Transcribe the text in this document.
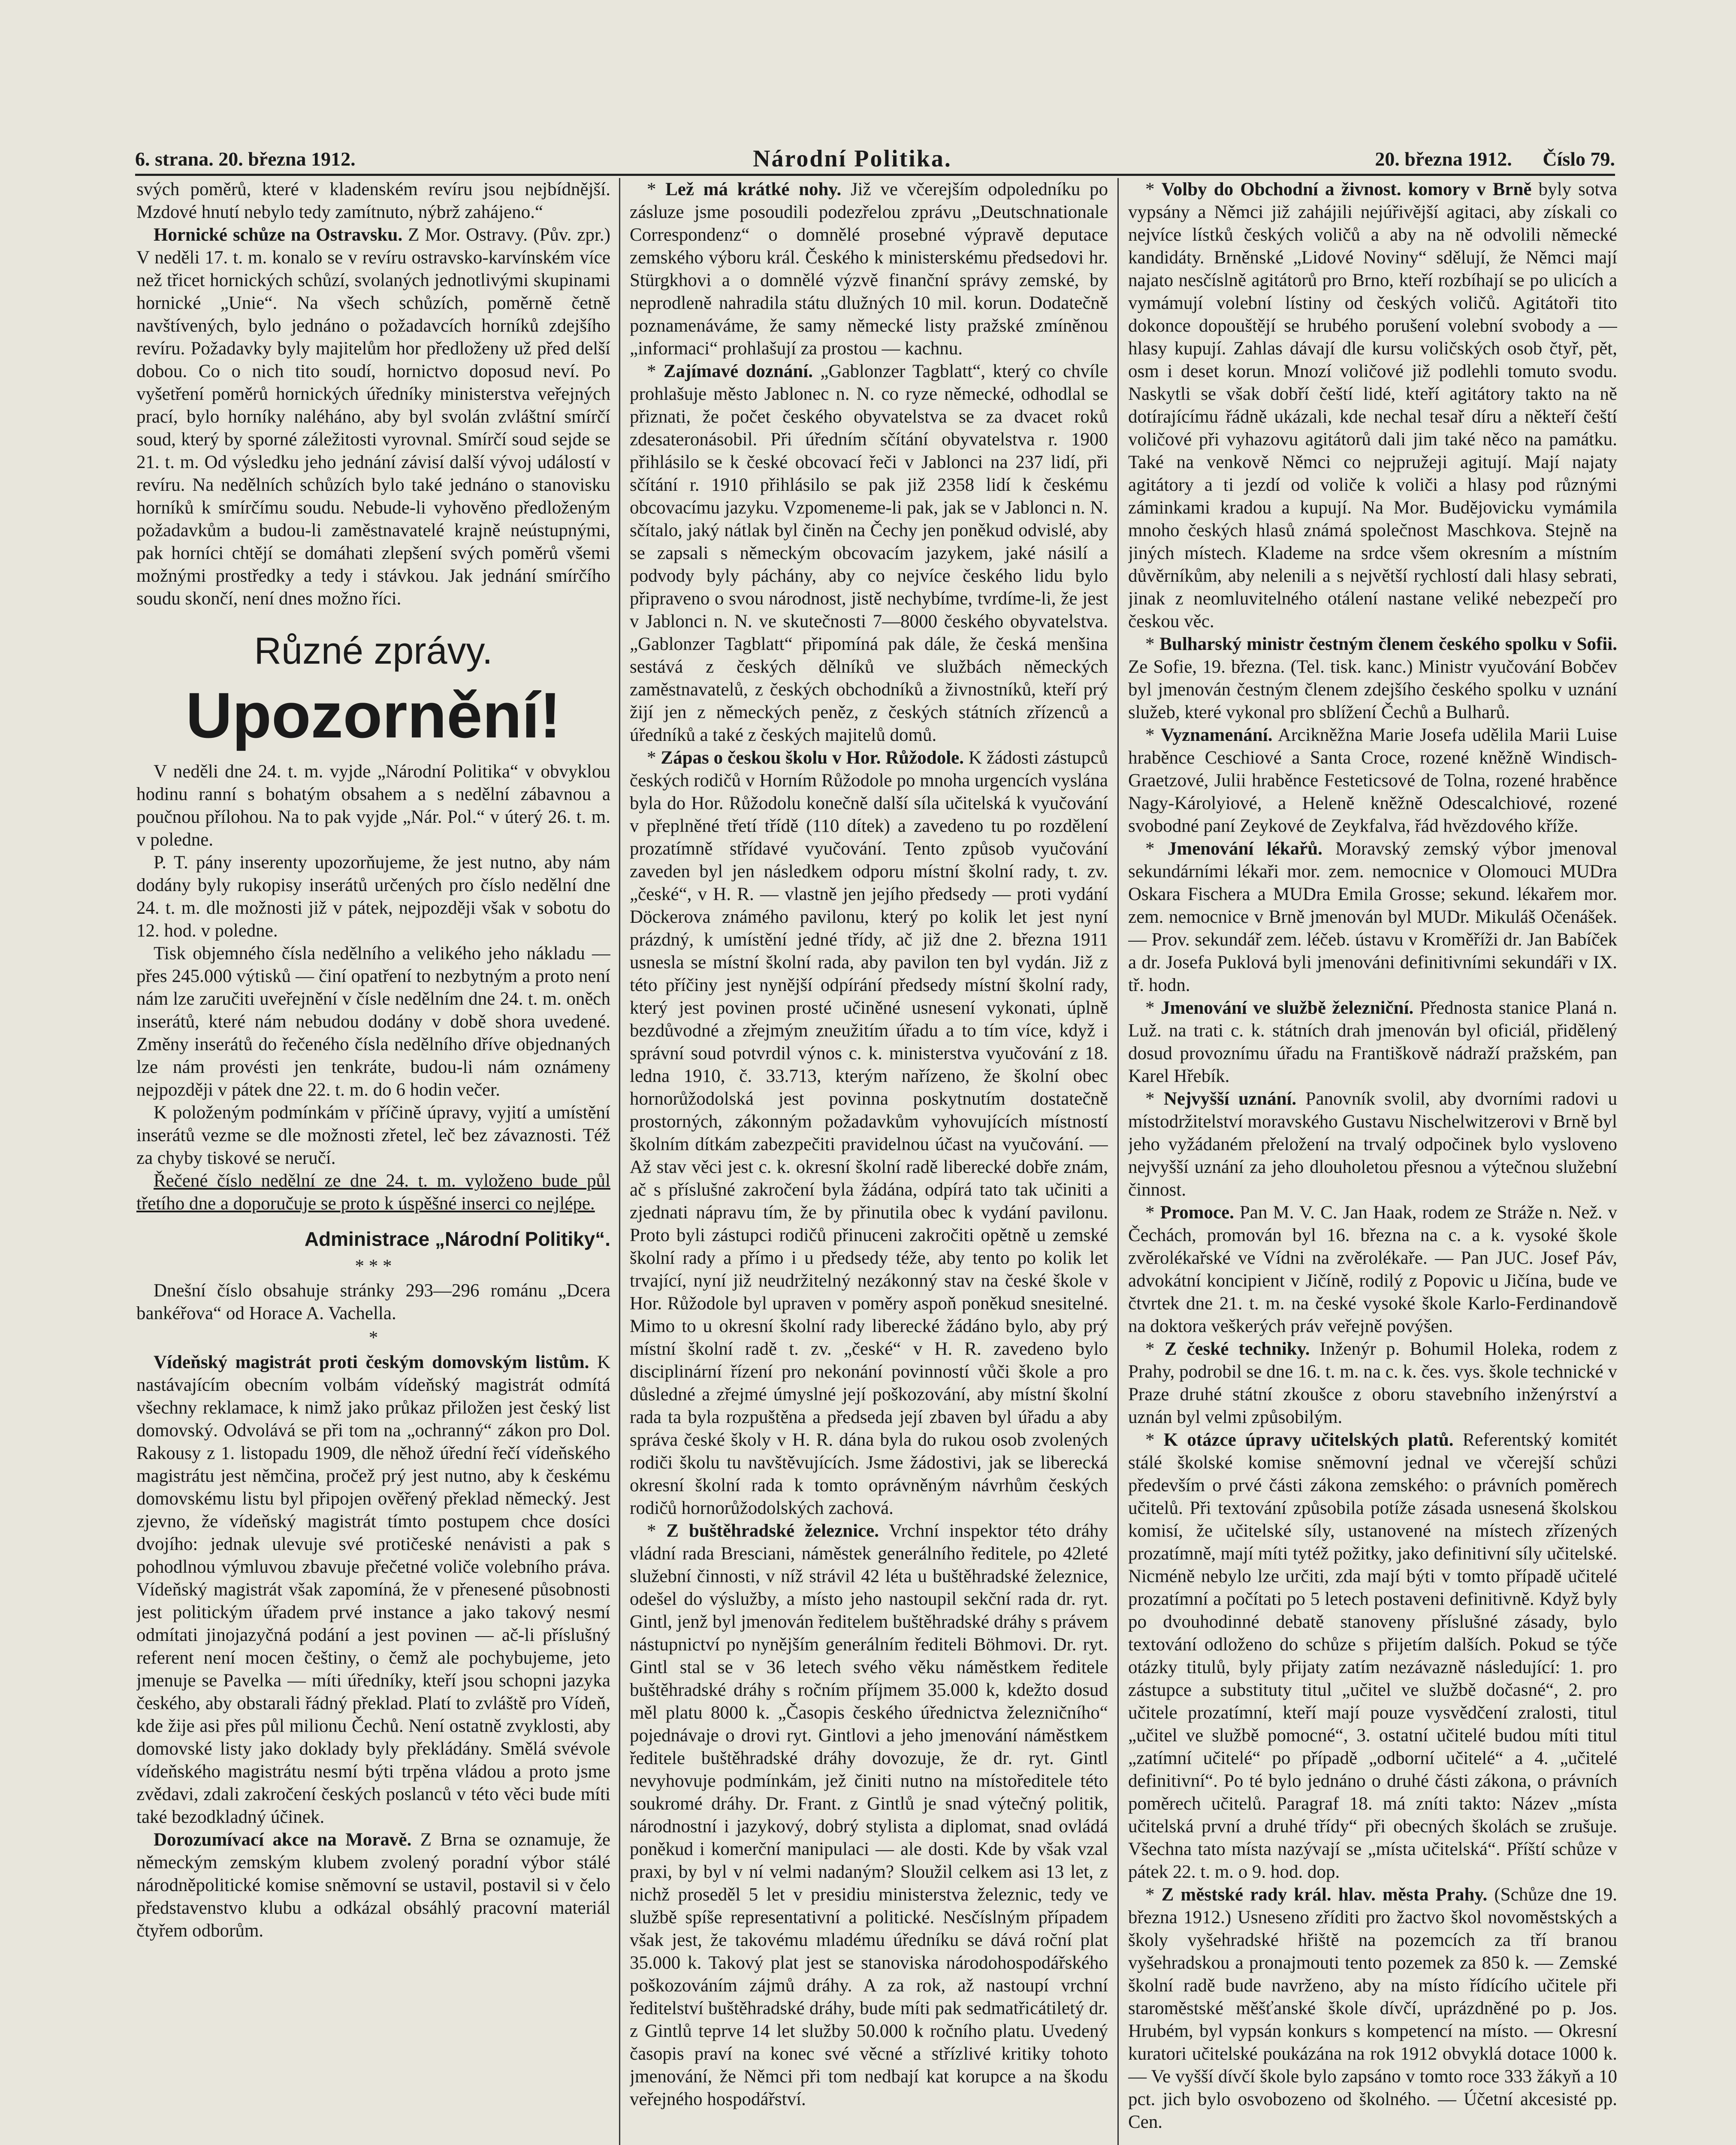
6. strana. 20. března 1912.	Národní Politika.	20. března 1912. Číslo 79.

svých poměrů, které v kladenském revíru jsou nejbídnější. Mzdové hnutí nebylo tedy zamítnuto, nýbrž zahájeno.“

Hornické schůze na Ostravsku. Z Mor. Ostravy. (Pův. zpr.) V neděli 17. t. m. konalo se v revíru ostravsko-karvínském více než třicet hornických schůzí, svolaných jednotlivými skupinami hornické „Unie“. Na všech schůzích, poměrně četně navštívených, bylo jednáno o požadavcích horníků zdejšího revíru. Požadavky byly majitelům hor předloženy už před delší dobou. Co o nich tito soudí, hornictvo doposud neví. Po vyšetření poměrů hornických úředníky ministerstva veřejných prací, bylo horníky naléháno, aby byl svolán zvláštní smírčí soud, který by sporné záležitosti vyrovnal. Smírčí soud sejde se 21. t. m. Od výsledku jeho jednání závisí další vývoj událostí v revíru. Na nedělních schůzích bylo také jednáno o stanovisku horníků k smírčímu soudu. Nebude-li vyhověno předloženým požadavkům a budou-li zaměstnavatelé krajně neústupnými, pak horníci chtějí se domáhati zlepšení svých poměrů všemi možnými prostředky a tedy i stávkou. Jak jednání smírčího soudu skončí, není dnes možno říci.

Různé zprávy.
Upozornění!

V neděli dne 24. t. m. vyjde „Národní Politika“ v obvyklou hodinu ranní s bohatým obsahem a s nedělní zábavnou a poučnou přílohou. Na to pak vyjde „Nár. Pol.“ v úterý 26. t. m. v poledne.

P. T. pány inserenty upozorňujeme, že jest nutno, aby nám dodány byly rukopisy inserátů určených pro číslo nedělní dne 24. t. m. dle možnosti již v pátek, nejpozději však v sobotu do 12. hod. v poledne.

Tisk objemného čísla nedělního a velikého jeho nákladu — přes 245.000 výtisků — činí opatření to nezbytným a proto není nám lze zaručiti uveřejnění v čísle nedělním dne 24. t. m. oněch inserátů, které nám nebudou dodány v době shora uvedené. Změny inserátů do řečeného čísla nedělního dříve objednaných lze nám provésti jen tenkráte, budou-li nám oznámeny nejpozději v pátek dne 22. t. m. do 6 hodin večer.

K položeným podmínkám v příčině úpravy, vyjití a umístění inserátů vezme se dle možnosti zřetel, leč bez závaznosti. Též za chyby tiskové se neručí.

Řečené číslo nedělní ze dne 24. t. m. vyloženo bude půl třetího dne a doporučuje se proto k úspěšné inserci co nejlépe.

Administrace „Národní Politiky“.

* * *

Dnešní číslo obsahuje stránky 293—296 románu „Dcera bankéřova“ od Horace A. Vachella.

*

Vídeňský magistrát proti českým domovským listům. K nastávajícím obecním volbám vídeňský magistrát odmítá všechny reklamace, k nimž jako průkaz přiložen jest český list domovský. Odvolává se při tom na „ochranný“ zákon pro Dol. Rakousy z 1. listopadu 1909, dle něhož úřední řečí vídeňského magistrátu jest němčina, pročež prý jest nutno, aby k českému domovskému listu byl připojen ověřený překlad německý. Jest zjevno, že vídeňský magistrát tímto postupem chce dosíci dvojího: jednak ulevuje své protičeské nenávisti a pak s pohodlnou výmluvou zbavuje přečetné voliče volebního práva. Vídeňský magistrát však zapomíná, že v přenesené působnosti jest politickým úřadem prvé instance a jako takový nesmí odmítati jinojazyčná podání a jest povinen — ač-li příslušný referent není mocen češtiny, o čemž ale pochybujeme, jeto jmenuje se Pavelka — míti úředníky, kteří jsou schopni jazyka českého, aby obstarali řádný překlad. Platí to zvláště pro Vídeň, kde žije asi přes půl milionu Čechů. Není ostatně zvyklosti, aby domovské listy jako doklady byly překládány. Smělá svévole vídeňského magistrátu nesmí býti trpěna vládou a proto jsme zvědavi, zdali zakročení českých poslanců v této věci bude míti také bezodkladný účinek.

Dorozumívací akce na Moravě. Z Brna se oznamuje, že německým zemským klubem zvolený poradní výbor stálé národněpolitické komise sněmovní se ustavil, postavil si v čelo představenstvo klubu a odkázal obsáhlý pracovní materiál čtyřem odborům.

* Lež má krátké nohy. Již ve včerejším odpoledníku po zásluze jsme posoudili podezřelou zprávu „Deutschnationale Correspondenz“ o domnělé prosebné výpravě deputace zemského výboru král. Českého k ministerskému předsedovi hr. Stürgkhovi a o domnělé výzvě finanční správy zemské, by neprodleně nahradila státu dlužných 10 mil. korun. Dodatečně poznamenáváme, že samy německé listy pražské zmíněnou „informaci“ prohlašují za prostou — kachnu.

* Zajímavé doznání. „Gablonzer Tagblatt“, který co chvíle prohlašuje město Jablonec n. N. co ryze německé, odhodlal se přiznati, že počet českého obyvatelstva se za dvacet roků zdesateronásobil. Při úředním sčítání obyvatelstva r. 1900 přihlásilo se k české obcovací řeči v Jablonci na 237 lidí, při sčítání r. 1910 přihlásilo se pak již 2358 lidí k českému obcovacímu jazyku. Vzpomeneme-li pak, jak se v Jablonci n. N. sčítalo, jaký nátlak byl činěn na Čechy jen poněkud odvislé, aby se zapsali s německým obcovacím jazykem, jaké násilí a podvody byly páchány, aby co nejvíce českého lidu bylo připraveno o svou národnost, jistě nechybíme, tvrdíme-li, že jest v Jablonci n. N. ve skutečnosti 7—8000 českého obyvatelstva. „Gablonzer Tagblatt“ připomíná pak dále, že česká menšina sestává z českých dělníků ve službách německých zaměstnavatelů, z českých obchodníků a živnostníků, kteří prý žijí jen z německých peněz, z českých státních zřízenců a úředníků a také z českých majitelů domů.

* Zápas o českou školu v Hor. Růžodole. K žádosti zástupců českých rodičů v Horním Růžodole po mnoha urgencích vyslána byla do Hor. Růžodolu konečně další síla učitelská k vyučování v přeplněné třetí třídě (110 dítek) a zavedeno tu po rozdělení prozatímně střídavé vyučování. Tento způsob vyučování zaveden byl jen následkem odporu místní školní rady, t. zv. „české“, v H. R. — vlastně jen jejího předsedy — proti vydání Döckerova známého pavilonu, který po kolik let jest nyní prázdný, k umístění jedné třídy, ač již dne 2. března 1911 usnesla se místní školní rada, aby pavilon ten byl vydán. Již z této příčiny jest nynější odpírání předsedy místní školní rady, který jest povinen prosté učiněné usnesení vykonati, úplně bezdůvodné a zřejmým zneužitím úřadu a to tím více, když i správní soud potvrdil výnos c. k. ministerstva vyučování z 18. ledna 1910, č. 33.713, kterým nařízeno, že školní obec hornorůžodolská jest povinna poskytnutím dostatečně prostorných, zákonným požadavkům vyhovujících místností školním dítkám zabezpečiti pravidelnou účast na vyučování. — Až stav věci jest c. k. okresní školní radě liberecké dobře znám, ač s příslušné zakročení byla žádána, odpírá tato tak učiniti a zjednati nápravu tím, že by přinutila obec k vydání pavilonu. Proto byli zástupci rodičů přinuceni zakročiti opětně u zemské školní rady a přímo i u předsedy téže, aby tento po kolik let trvající, nyní již neudržitelný nezákonný stav na české škole v Hor. Růžodole byl upraven v poměry aspoň poněkud snesitelné. Mimo to u okresní školní rady liberecké žádáno bylo, aby prý místní školní radě t. zv. „české“ v H. R. zavedeno bylo disciplinární řízení pro nekonání povinností vůči škole a pro důsledné a zřejmé úmyslné její poškozování, aby místní školní rada ta byla rozpuštěna a předseda její zbaven byl úřadu a aby správa české školy v H. R. dána byla do rukou osob zvolených rodiči školu tu navštěvujících. Jsme žádostivi, jak se liberecká okresní školní rada k tomto oprávněným návrhům českých rodičů hornorůžodolských zachová.

* Z buštěhradské železnice. Vrchní inspektor této dráhy vládní rada Bresciani, náměstek generálního ředitele, po 42leté služební činnosti, v níž strávil 42 léta u buštěhradské železnice, odešel do výslužby, a místo jeho nastoupil sekční rada dr. ryt. Gintl, jenž byl jmenován ředitelem buštěhradské dráhy s právem nástupnictví po nynějším generálním řediteli Böhmovi. Dr. ryt. Gintl stal se v 36 letech svého věku náměstkem ředitele buštěhradské dráhy s ročním příjmem 35.000 k, kdežto dosud měl platu 8000 k. „Časopis českého úřednictva železničního“ pojednávaje o drovi ryt. Gintlovi a jeho jmenování náměstkem ředitele buštěhradské dráhy dovozuje, že dr. ryt. Gintl nevyhovuje podmínkám, jež činiti nutno na místoředitele této soukromé dráhy. Dr. Frant. z Gintlů je snad výtečný politik, národnostní i jazykový, dobrý stylista a diplomat, snad ovládá poněkud i komerční manipulaci — ale dosti. Kde by však vzal praxi, by byl v ní velmi nadaným? Sloužil celkem asi 13 let, z nichž proseděl 5 let v presidiu ministerstva železnic, tedy ve službě spíše representativní a politické. Nesčíslným případem však jest, že takovému mladému úředníku se dává roční plat 35.000 k. Takový plat jest se stanoviska národohospodářského poškozováním zájmů dráhy. A za rok, až nastoupí vrchní ředitelství buštěhradské dráhy, bude míti pak sedmatřicátiletý dr. z Gintlů teprve 14 let služby 50.000 k ročního platu. Uvedený časopis praví na konec své věcné a střízlivé kritiky tohoto jmenování, že Němci při tom nedbají kat korupce a na škodu veřejného hospodářství.

* Volby do Obchodní a živnost. komory v Brně byly sotva vypsány a Němci již zahájili nejúřivější agitaci, aby získali co nejvíce lístků českých voličů a aby na ně odvolili německé kandidáty. Brněnské „Lidové Noviny“ sdělují, že Němci mají najato nesčíslně agitátorů pro Brno, kteří rozbíhají se po ulicích a vymámují volební lístiny od českých voličů. Agitátoři tito dokonce dopouštějí se hrubého porušení volební svobody a — hlasy kupují. Zahlas dávají dle kursu voličských osob čtyř, pět, osm i deset korun. Mnozí voličové již podlehli tomuto svodu. Naskytli se však dobří čeští lidé, kteří agitátory takto na ně dotírajícímu řádně ukázali, kde nechal tesař díru a někteří čeští voličové při vyhazovu agitátorů dali jim také něco na památku. Také na venkově Němci co nejpružeji agitují. Mají najaty agitátory a ti jezdí od voliče k voliči a hlasy pod různými záminkami kradou a kupují. Na Mor. Budějovicku vymámila mnoho českých hlasů známá společnost Maschkova. Stejně na jiných místech. Klademe na srdce všem okresním a místním důvěrníkům, aby nelenili a s největší rychlostí dali hlasy sebrati, jinak z neomluvitelného otálení nastane veliké nebezpečí pro českou věc.

* Bulharský ministr čestným členem českého spolku v Sofii. Ze Sofie, 19. března. (Tel. tisk. kanc.) Ministr vyučování Bobčev byl jmenován čestným členem zdejšího českého spolku v uznání služeb, které vykonal pro sblížení Čechů a Bulharů.

* Vyznamenání. Arcikněžna Marie Josefa udělila Marii Luise hraběnce Ceschiové a Santa Croce, rozené kněžně Windisch-Graetzové, Julii hraběnce Festeticsové de Tolna, rozené hraběnce Nagy-Károlyiové, a Heleně kněžně Odescalchiové, rozené svobodné paní Zeykové de Zeykfalva, řád hvězdového kříže.

* Jmenování lékařů. Moravský zemský výbor jmenoval sekundárními lékaři mor. zem. nemocnice v Olomouci MUDra Oskara Fischera a MUDra Emila Grosse; sekund. lékařem mor. zem. nemocnice v Brně jmenován byl MUDr. Mikuláš Očenášek. — Prov. sekundář zem. léčeb. ústavu v Kroměříži dr. Jan Babíček a dr. Josefa Puklová byli jmenováni definitivními sekundáři v IX. tř. hodn.

* Jmenování ve službě železniční. Přednosta stanice Planá n. Luž. na trati c. k. státních drah jmenován byl oficiál, přidělený dosud provoznímu úřadu na Františkově nádraží pražském, pan Karel Hřebík.

* Nejvyšší uznání. Panovník svolil, aby dvorními radovi u místodržitelství moravského Gustavu Nischelwitzerovi v Brně byl jeho vyžádaném přeložení na trvalý odpočinek bylo vysloveno nejvyšší uznání za jeho dlouholetou přesnou a výtečnou služební činnost.

* Promoce. Pan M. V. C. Jan Haak, rodem ze Stráže n. Než. v Čechách, promován byl 16. března na c. a k. vysoké škole zvěrolékařské ve Vídni na zvěrolékaře. — Pan JUC. Josef Páv, advokátní koncipient v Jičíně, rodilý z Popovic u Jičína, bude ve čtvrtek dne 21. t. m. na české vysoké škole Karlo-Ferdinandově na doktora veškerých práv veřejně povýšen.

* Z české techniky. Inženýr p. Bohumil Holeka, rodem z Prahy, podrobil se dne 16. t. m. na c. k. čes. vys. škole technické v Praze druhé státní zkoušce z oboru stavebního inženýrství a uznán byl velmi způsobilým.

* K otázce úpravy učitelských platů. Referentský komitét stálé školské komise sněmovní jednal ve včerejší schůzi především o prvé části zákona zemského: o právních poměrech učitelů. Při textování způsobila potíže zásada usnesená školskou komisí, že učitelské síly, ustanovené na místech zřízených prozatímně, mají míti tytéž požitky, jako definitivní síly učitelské. Nicméně nebylo lze určiti, zda mají býti v tomto případě učitelé prozatímní a počítati po 5 letech postaveni definitivně. Když byly po dvouhodinné debatě stanoveny příslušné zásady, bylo textování odloženo do schůze s přijetím dalších. Pokud se týče otázky titulů, byly přijaty zatím nezávazně následující: 1. pro zástupce a substituty titul „učitel ve službě dočasné“, 2. pro učitele prozatímní, kteří mají pouze vysvědčení zralosti, titul „učitel ve službě pomocné“, 3. ostatní učitelé budou míti titul „zatímní učitelé“ po případě „odborní učitelé“ a 4. „učitelé definitivní“. Po té bylo jednáno o druhé části zákona, o právních poměrech učitelů. Paragraf 18. má zníti takto: Název „místa učitelská první a druhé třídy“ při obecných školách se zrušuje. Všechna tato místa nazývají se „místa učitelská“. Příští schůze v pátek 22. t. m. o 9. hod. dop.

* Z městské rady král. hlav. města Prahy. (Schůze dne 19. března 1912.) Usneseno zříditi pro žactvo škol novoměstských a školy vyšehradské hřiště na pozemcích za tří branou vyšehradskou a pronajmouti tento pozemek za 850 k. — Zemské školní radě bude navrženo, aby na místo řídícího učitele při staroměstské měšťanské škole dívčí, uprázdněné po p. Jos. Hrubém, byl vypsán konkurs s kompetencí na místo. — Okresní kuratori učitelské poukázána na rok 1912 obvyklá dotace 1000 k. — Ve vyšší dívčí škole bylo zapsáno v tomto roce 333 žákyň a 10 pct. jich bylo osvobozeno od školného. — Účetní akcesisté pp. Cen.
